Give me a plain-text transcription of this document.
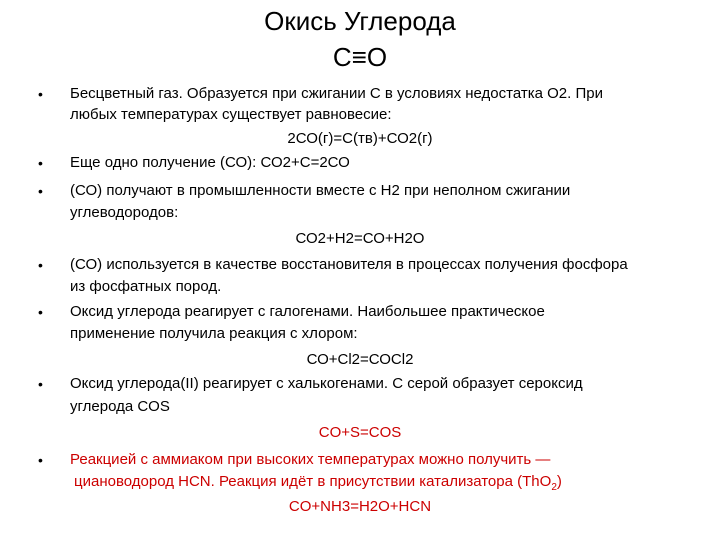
Окись Углерода
С≡О
• Бесцветный газ. Образуется при сжигании С в условиях недостатка О2. При
любых температурах существует равновесие:
2СО(г)=С(тв)+СО2(г)
• Еще одно получение (СО): СО2+С=2СО
• (СО) получают в промышленности вместе с Н2 при неполном сжигании
углеводородов:
СО2+Н2=СО+Н2О
• (СО) используется в качестве восстановителя в процессах получения фосфора
из фосфатных пород.
• Оксид углерода реагирует с галогенами. Наибольшее практическое
применение получила реакция с хлором:
СО+Сl2=СОCl2
• Оксид углерода(II) реагирует с халькогенами. С серой образует сероксид
углерода COS
CO+S=COS
• Реакцией с аммиаком при высоких температурах можно получить —
циановодород HCN. Реакция идёт в присутствии катализатора (ThO$_2$)
CO+NH3=H2O+HCN
